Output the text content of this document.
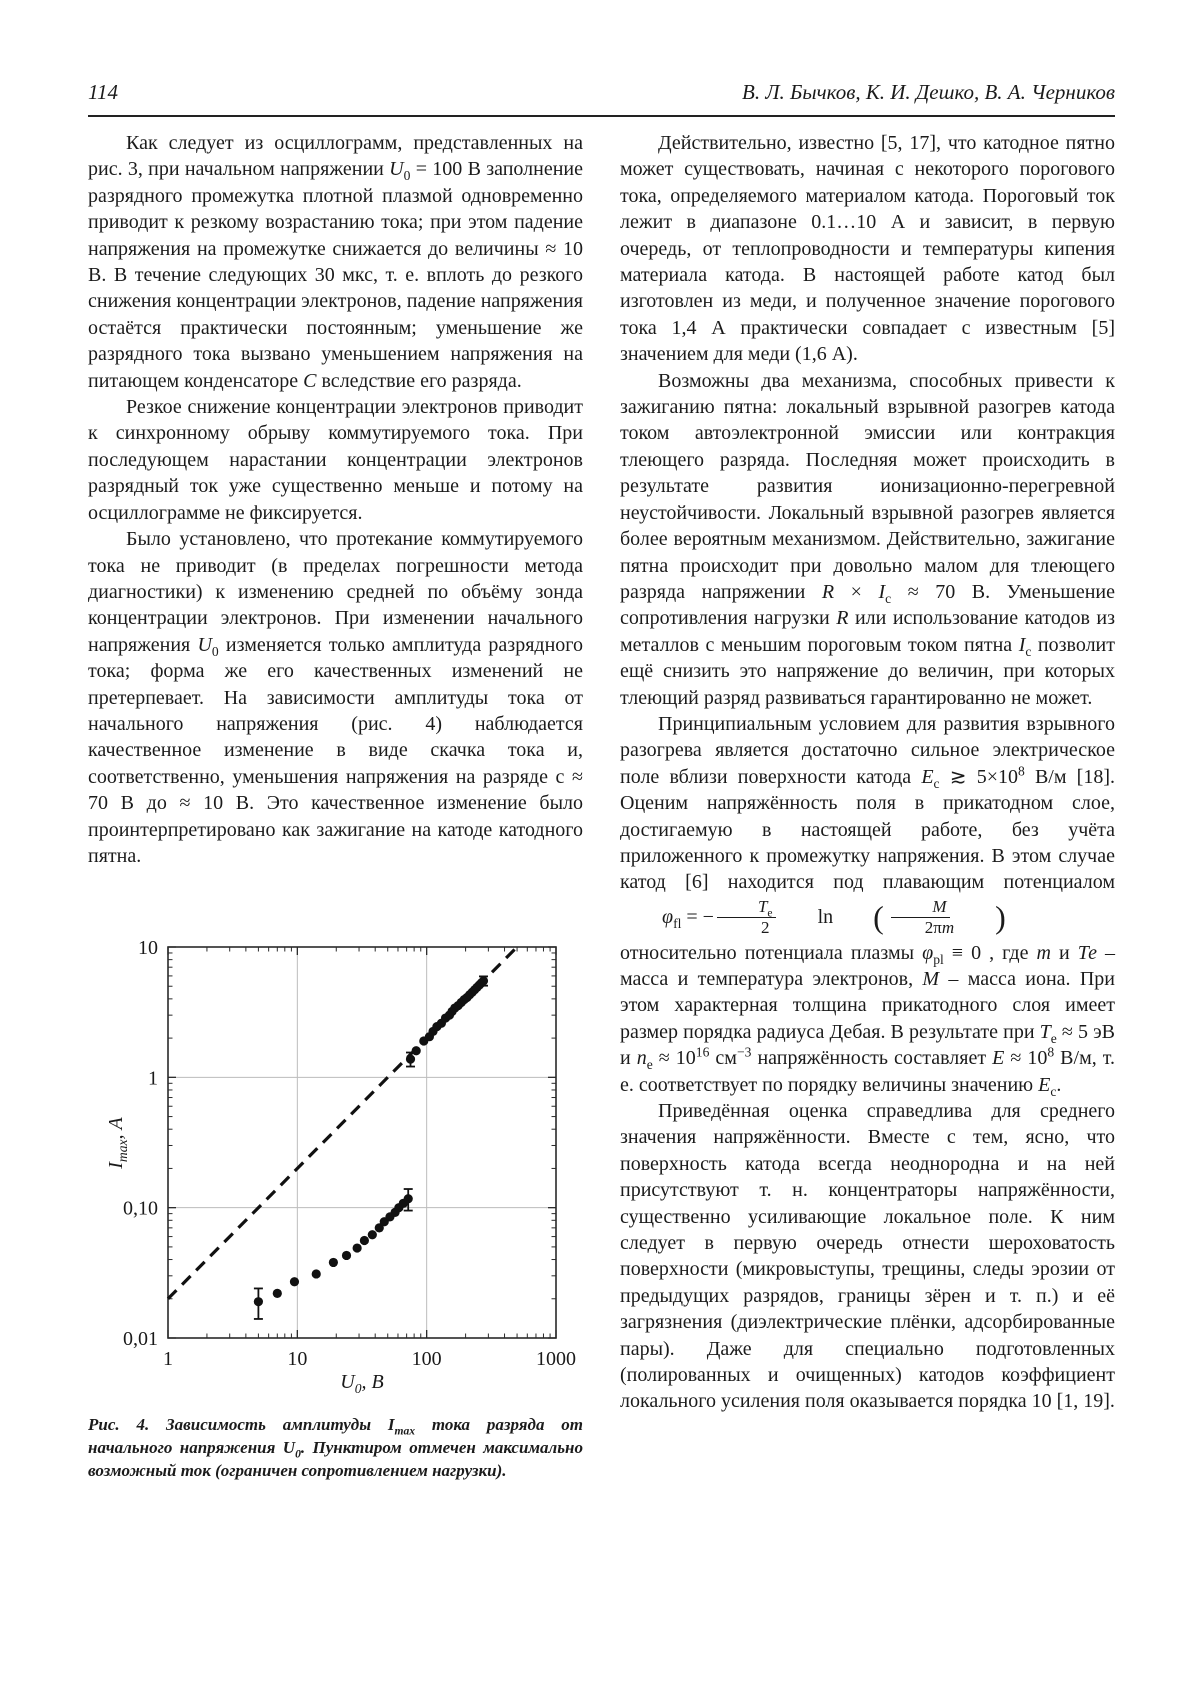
114	В. Л. Бычков, К. И. Дешко, В. А. Черников

Как следует из осциллограмм, представленных на рис. 3, при начальном напряжении $U_0 = 100$ В заполнение разрядного промежутка плотной плазмой одновременно приводит к резкому возрастанию тока; при этом падение напряжения на промежутке снижается до величины ≈ 10 В. В течение следующих 30 мкс, т. е. вплоть до резкого снижения концентрации электронов, падение напряжения остаётся практически постоянным; уменьшение же разрядного тока вызвано уменьшением напряжения на питающем конденсаторе C вследствие его разряда.

Резкое снижение концентрации электронов приводит к синхронному обрыву коммутируемого тока. При последующем нарастании концентрации электронов разрядный ток уже существенно меньше и потому на осциллограмме не фиксируется.

Было установлено, что протекание коммутируемого тока не приводит (в пределах погрешности метода диагностики) к изменению средней по объёму зонда концентрации электронов. При изменении начального напряжения $U_0$ изменяется только амплитуда разрядного тока; форма же его качественных изменений не претерпевает. На зависимости амплитуды тока от начального напряжения (рис. 4) наблюдается качественное изменение в виде скачка тока и, соответственно, уменьшения напряжения на разряде с ≈ 70 В до ≈ 10 В. Это качественное изменение было проинтерпретировано как зажигание на катоде катодного пятна.

1	10	100	1000
10
1
0,10
0,01
$I_{max}$, А
$U_0$, В
Рис. 4. Зависимость амплитуды $I_{max}$ тока разряда от начального напряжения $U_0$. Пунктиром отмечен максимально возможный ток (ограничен сопротивлением нагрузки).

Действительно, известно [5, 17], что катодное пятно может существовать, начиная с некоторого порогового тока, определяемого материалом катода. Пороговый ток лежит в диапазоне 0.1…10 А и зависит, в первую очередь, от теплопроводности и температуры кипения материала катода. В настоящей работе катод был изготовлен из меди, и полученное значение порогового тока 1,4 А практически совпадает с известным [5] значением для меди (1,6 А).

Возможны два механизма, способных привести к зажиганию пятна: локальный взрывной разогрев катода током автоэлектронной эмиссии или контракция тлеющего разряда. Последняя может происходить в результате развития ионизационно-перегревной неустойчивости. Локальный взрывной разогрев является более вероятным механизмом. Действительно, зажигание пятна происходит при довольно малом для тлеющего разряда напряжении $R \times I_c \approx 70$ В. Уменьшение сопротивления нагрузки R или использование катодов из металлов с меньшим пороговым током пятна $I_c$ позволит ещё снизить это напряжение до величин, при которых тлеющий разряд развиваться гарантированно не может.

Принципиальным условием для развития взрывного разогрева является достаточно сильное электрическое поле вблизи поверхности катода $E_c$ ≳ $5\times 10^8$ В/м [18]. Оценим напряжённость поля в прикатодном слое, достигаемую в настоящей работе, без учёта приложенного к промежутку напряжения. В этом случае катод [6] находится под плавающим потенциалом
$\varphi_{fl}$ = − $\frac{T_e}{2}$	ln	( $\frac{M}{2\pi m}$	)
относительно потенциала плазмы $\varphi_{pl} \equiv 0$ , где m и Те – масса и температура электронов, M – масса иона. При этом характерная толщина прикатодного слоя имеет размер порядка радиуса Дебая. В результате при $T_e \approx 5$ эВ и $n_e \approx 10^{16}$ $см^{-3}$ напряжённость составляет $E \approx 10^8$ В/м, т. е. соответствует по порядку величины значению $E_c$.

Приведённая оценка справедлива для среднего значения напряжённости. Вместе с тем, ясно, что поверхность катода всегда неоднородна и на ней присутствуют т. н. концентраторы напряжённости, существенно усиливающие локальное поле. К ним следует в первую очередь отнести шероховатость поверхности (микровыступы, трещины, следы эрозии от предыдущих разрядов, границы зёрен и т. п.) и её загрязнения (диэлектрические плёнки, адсорбированные пары). Даже для специально подготовленных (полированных и очищенных) катодов коэффициент локального усиления поля оказывается порядка 10 [1, 19].
